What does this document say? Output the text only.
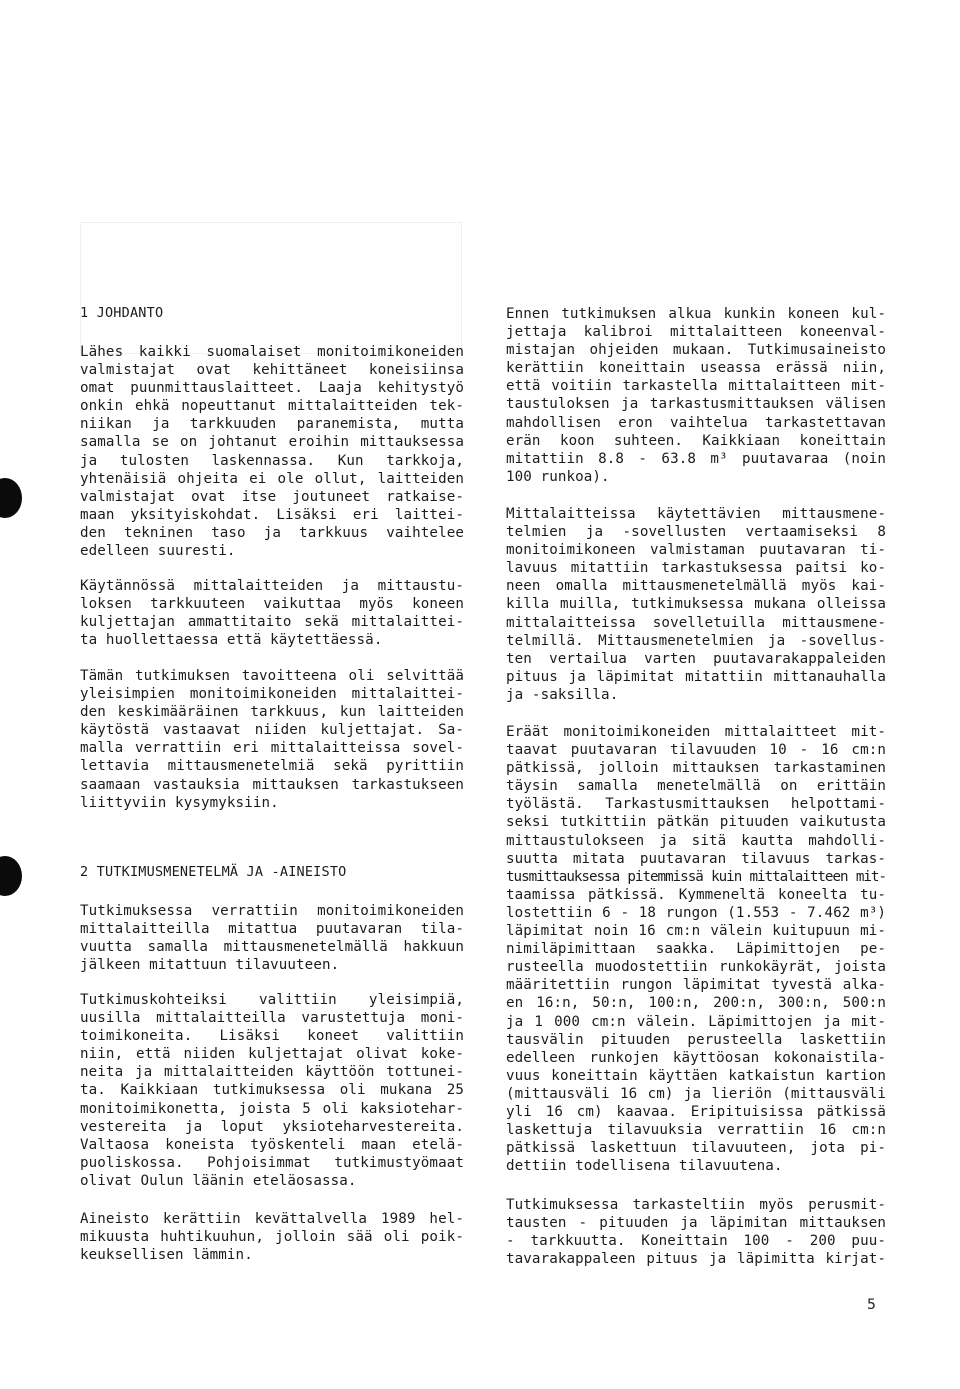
1 JOHDANTO
Lähes kaikki suomalaiset monitoimikoneiden
valmistajat ovat kehittäneet koneisiinsa
omat puunmittauslaitteet. Laaja kehitystyö
onkin ehkä nopeuttanut mittalaitteiden tek-
niikan ja tarkkuuden paranemista, mutta
samalla se on johtanut eroihin mittauksessa
ja tulosten laskennassa. Kun tarkkoja,
yhtenäisiä ohjeita ei ole ollut, laitteiden
valmistajat ovat itse joutuneet ratkaise-
maan yksityiskohdat. Lisäksi eri laittei-
den tekninen taso ja tarkkuus vaihtelee
edelleen suuresti.
Käytännössä mittalaitteiden ja mittaustu-
loksen tarkkuuteen vaikuttaa myös koneen
kuljettajan ammattitaito sekä mittalaittei-
ta huollettaessa että käytettäessä.
Tämän tutkimuksen tavoitteena oli selvittää
yleisimpien monitoimikoneiden mittalaittei-
den keskimääräinen tarkkuus, kun laitteiden
käytöstä vastaavat niiden kuljettajat. Sa-
malla verrattiin eri mittalaitteissa sovel-
lettavia mittausmenetelmiä sekä pyrittiin
saamaan vastauksia mittauksen tarkastukseen
liittyviin kysymyksiin.
2 TUTKIMUSMENETELMÄ JA -AINEISTO
Tutkimuksessa verrattiin monitoimikoneiden
mittalaitteilla mitattua puutavaran tila-
vuutta samalla mittausmenetelmällä hakkuun
jälkeen mitattuun tilavuuteen.
Tutkimuskohteiksi valittiin yleisimpiä,
uusilla mittalaitteilla varustettuja moni-
toimikoneita. Lisäksi koneet valittiin
niin, että niiden kuljettajat olivat koke-
neita ja mittalaitteiden käyttöön tottunei-
ta. Kaikkiaan tutkimuksessa oli mukana 25
monitoimikonetta, joista 5 oli kaksiotehar-
vestereita ja loput yksioteharvestereita.
Valtaosa koneista työskenteli maan etelä-
puoliskossa. Pohjoisimmat tutkimustyömaat
olivat Oulun läänin eteläosassa.
Aineisto kerättiin kevättalvella 1989 hel-
mikuusta huhtikuuhun, jolloin sää oli poik-
keuksellisen lämmin.
Ennen tutkimuksen alkua kunkin koneen kul-
jettaja kalibroi mittalaitteen koneenval-
mistajan ohjeiden mukaan. Tutkimusaineisto
kerättiin koneittain useassa erässä niin,
että voitiin tarkastella mittalaitteen mit-
taustuloksen ja tarkastusmittauksen välisen
mahdollisen eron vaihtelua tarkastettavan
erän koon suhteen. Kaikkiaan koneittain
mitattiin 8.8 - 63.8 m³ puutavaraa (noin
100 runkoa).
Mittalaitteissa käytettävien mittausmene-
telmien ja -sovellusten vertaamiseksi 8
monitoimikoneen valmistaman puutavaran ti-
lavuus mitattiin tarkastuksessa paitsi ko-
neen omalla mittausmenetelmällä myös kai-
killa muilla, tutkimuksessa mukana olleissa
mittalaitteissa sovelletuilla mittausmene-
telmillä. Mittausmenetelmien ja -sovellus-
ten vertailua varten puutavarakappaleiden
pituus ja läpimitat mitattiin mittanauhalla
ja -saksilla.
Eräät monitoimikoneiden mittalaitteet mit-
taavat puutavaran tilavuuden 10 - 16 cm:n
pätkissä, jolloin mittauksen tarkastaminen
täysin samalla menetelmällä on erittäin
työlästä. Tarkastusmittauksen helpottami-
seksi tutkittiin pätkän pituuden vaikutusta
mittaustulokseen ja sitä kautta mahdolli-
suutta mitata puutavaran tilavuus tarkas-
tusmittauksessa pitemmissä kuin mittalaitteen mit-
taamissa pätkissä. Kymmeneltä koneelta tu-
lostettiin 6 - 18 rungon (1.553 - 7.462 m³)
läpimitat noin 16 cm:n välein kuitupuun mi-
nimiläpimittaan saakka. Läpimittojen pe-
rusteella muodostettiin runkokäyrät, joista
määritettiin rungon läpimitat tyvestä alka-
en 16:n, 50:n, 100:n, 200:n, 300:n, 500:n
ja 1 000 cm:n välein. Läpimittojen ja mit-
tausvälin pituuden perusteella laskettiin
edelleen runkojen käyttöosan kokonaistila-
vuus koneittain käyttäen katkaistun kartion
(mittausväli 16 cm) ja lieriön (mittausväli
yli 16 cm) kaavaa. Eripituisissa pätkissä
laskettuja tilavuuksia verrattiin 16 cm:n
pätkissä laskettuun tilavuuteen, jota pi-
dettiin todellisena tilavuutena.
Tutkimuksessa tarkasteltiin myös perusmit-
tausten - pituuden ja läpimitan mittauksen
- tarkkuutta. Koneittain 100 - 200 puu-
tavarakappaleen pituus ja läpimitta kirjat-
5
